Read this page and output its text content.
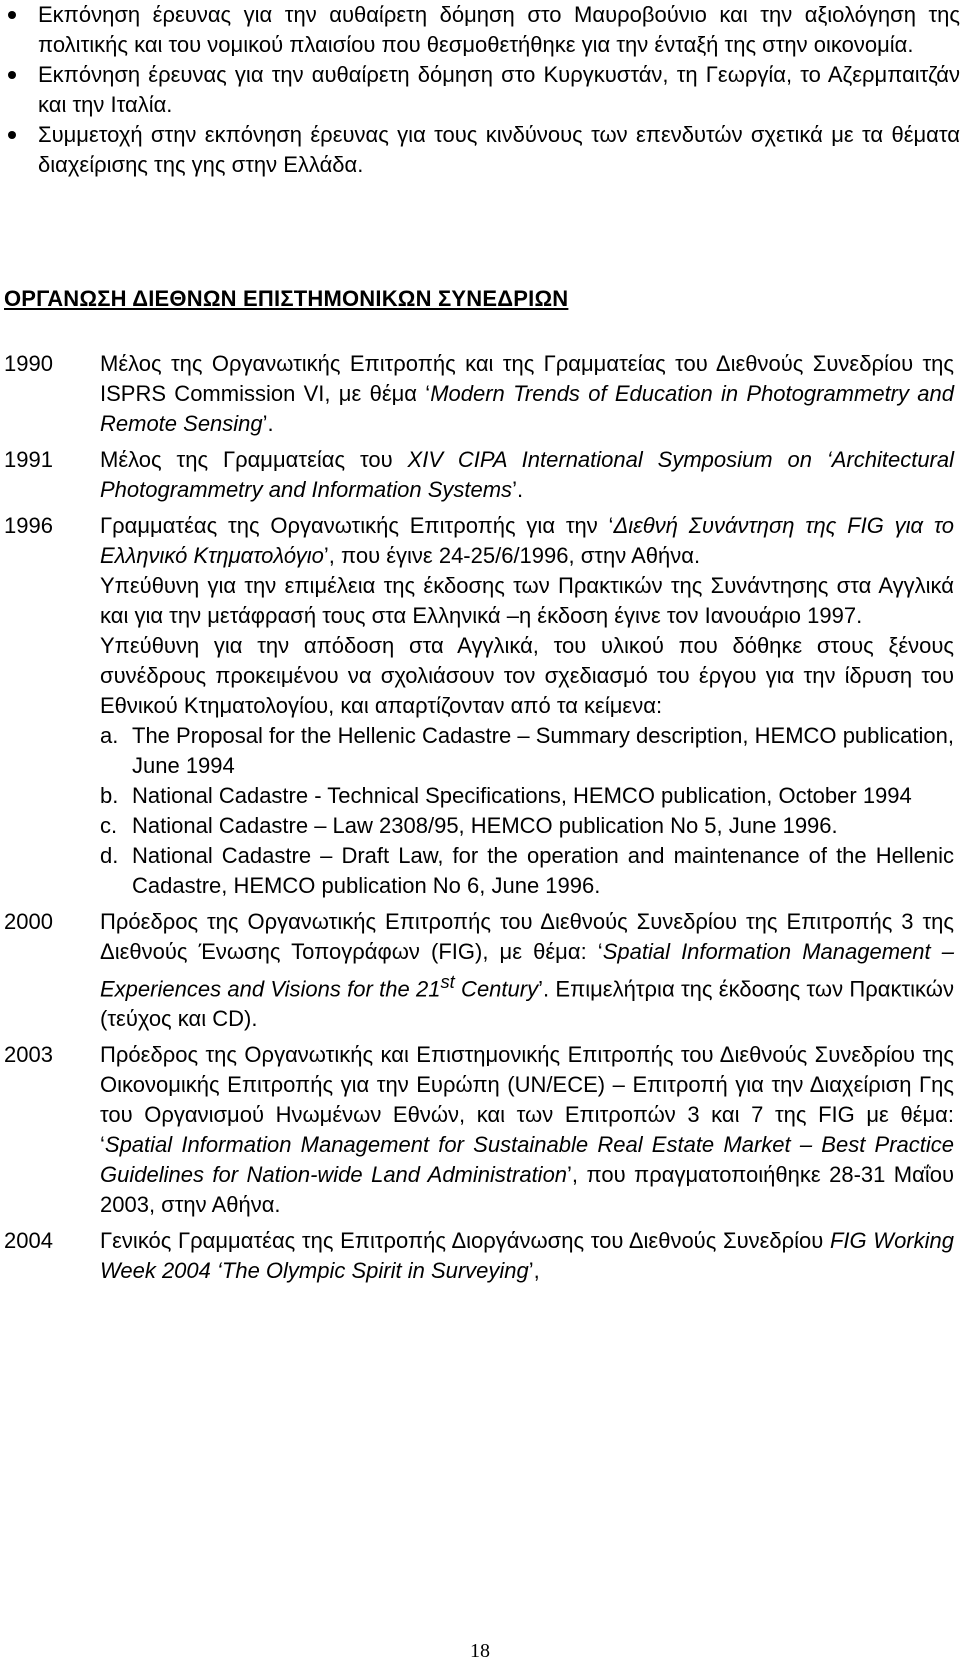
Εκπόνηση έρευνας για την αυθαίρετη δόμηση στο Μαυροβούνιο και την αξιολόγηση της πολιτικής και του νομικού πλαισίου που θεσμοθετήθηκε για την ένταξή της στην οικονομία.
Εκπόνηση έρευνας για την αυθαίρετη δόμηση στο Κυργκυστάν, τη Γεωργία, το Αζερμπαιτζάν και την Ιταλία.
Συμμετοχή στην εκπόνηση έρευνας για τους κινδύνους των επενδυτών σχετικά με τα θέματα διαχείρισης της γης στην Ελλάδα.
ΟΡΓΑΝΩΣΗ ΔΙΕΘΝΩΝ ΕΠΙΣΤΗΜΟΝΙΚΩΝ ΣΥΝΕΔΡΙΩΝ
1990	Μέλος της Οργανωτικής Επιτροπής και της Γραμματείας του Διεθνούς Συνεδρίου της ISPRS Commission VI, με θέμα ‘Modern Trends of Education in Photogrammetry and Remote Sensing’.
1991	Μέλος της Γραμματείας του XIV CIPA International Symposium on ‘Architectural Photogrammetry and Information Systems’.
1996	Γραμματέας της Οργανωτικής Επιτροπής για την ‘Διεθνή Συνάντηση της FIG για το Ελληνικό Κτηματολόγιο’, που έγινε 24-25/6/1996, στην Αθήνα.

Υπεύθυνη για την επιμέλεια της έκδοσης των Πρακτικών της Συνάντησης στα Αγγλικά και για την μετάφρασή τους στα Ελληνικά –η έκδοση έγινε τον Ιανουάριο 1997.

Υπεύθυνη για την απόδοση στα Αγγλικά, του υλικού που δόθηκε στους ξένους συνέδρους προκειμένου να σχολιάσουν τον σχεδιασμό του έργου για την ίδρυση του Εθνικού Κτηματολογίου, και απαρτίζονταν από τα κείμενα:

a. The Proposal for the Hellenic Cadastre – Summary description, HEMCO publication, June 1994
b. National Cadastre - Technical Specifications, HEMCO publication, October 1994
c. National Cadastre – Law 2308/95, HEMCO publication No 5, June 1996.
d. National Cadastre – Draft Law, for the operation and maintenance of the Hellenic Cadastre, HEMCO publication No 6, June 1996.
2000	Πρόεδρος της Οργανωτικής Επιτροπής του Διεθνούς Συνεδρίου της Επιτροπής 3 της Διεθνούς Ένωσης Τοπογράφων (FIG), με θέμα: ‘Spatial Information Management – Experiences and Visions for the 21st Century’. Επιμελήτρια της έκδοσης των Πρακτικών (τεύχος και CD).
2003	Πρόεδρος της Οργανωτικής και Επιστημονικής Επιτροπής του Διεθνούς Συνεδρίου της Οικονομικής Επιτροπής για την Ευρώπη (UN/ECE) – Επιτροπή για την Διαχείριση Γης του Οργανισμού Ηνωμένων Εθνών, και των Επιτροπών 3 και 7 της FIG με θέμα: ‘Spatial Information Management for Sustainable Real Estate Market – Best Practice Guidelines for Nation-wide Land Administration’, που πραγματοποιήθηκε 28-31 Μαΐου 2003, στην Αθήνα.
2004	Γενικός Γραμματέας της Επιτροπής Διοργάνωσης του Διεθνούς Συνεδρίου FIG Working Week 2004 ‘The Olympic Spirit in Surveying’,
18
